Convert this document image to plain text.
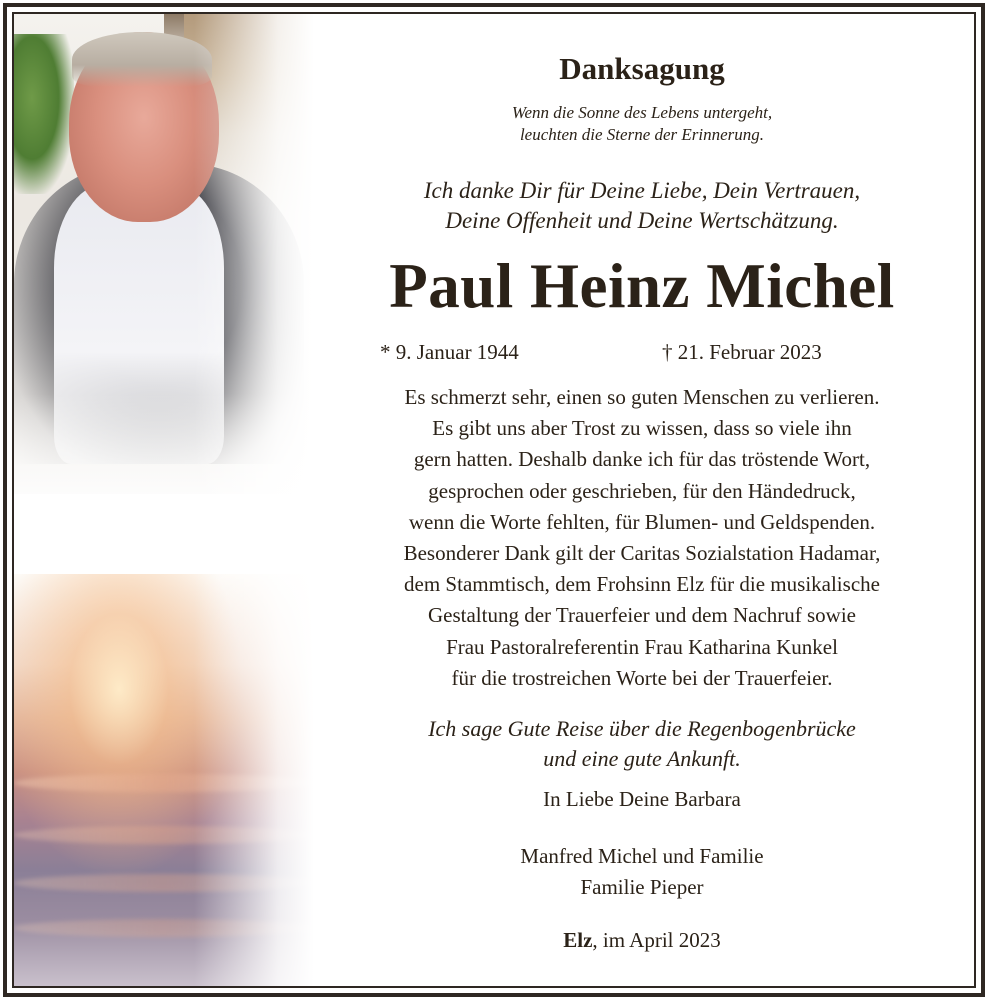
Danksagung
Wenn die Sonne des Lebens untergeht,
leuchten die Sterne der Erinnerung.
Ich danke Dir für Deine Liebe, Dein Vertrauen,
Deine Offenheit und Deine Wertschätzung.
Paul Heinz Michel
* 9. Januar 1944	† 21. Februar 2023
Es schmerzt sehr, einen so guten Menschen zu verlieren.
Es gibt uns aber Trost zu wissen, dass so viele ihn
gern hatten. Deshalb danke ich für das tröstende Wort,
gesprochen oder geschrieben, für den Händedruck,
wenn die Worte fehlten, für Blumen- und Geldspenden.
Besonderer Dank gilt der Caritas Sozialstation Hadamar,
dem Stammtisch, dem Frohsinn Elz für die musikalische
Gestaltung der Trauerfeier und dem Nachruf sowie
Frau Pastoralreferentin Frau Katharina Kunkel
für die trostreichen Worte bei der Trauerfeier.
Ich sage Gute Reise über die Regenbogenbrücke
und eine gute Ankunft.
In Liebe Deine Barbara
Manfred Michel und Familie
Familie Pieper
Elz, im April 2023
